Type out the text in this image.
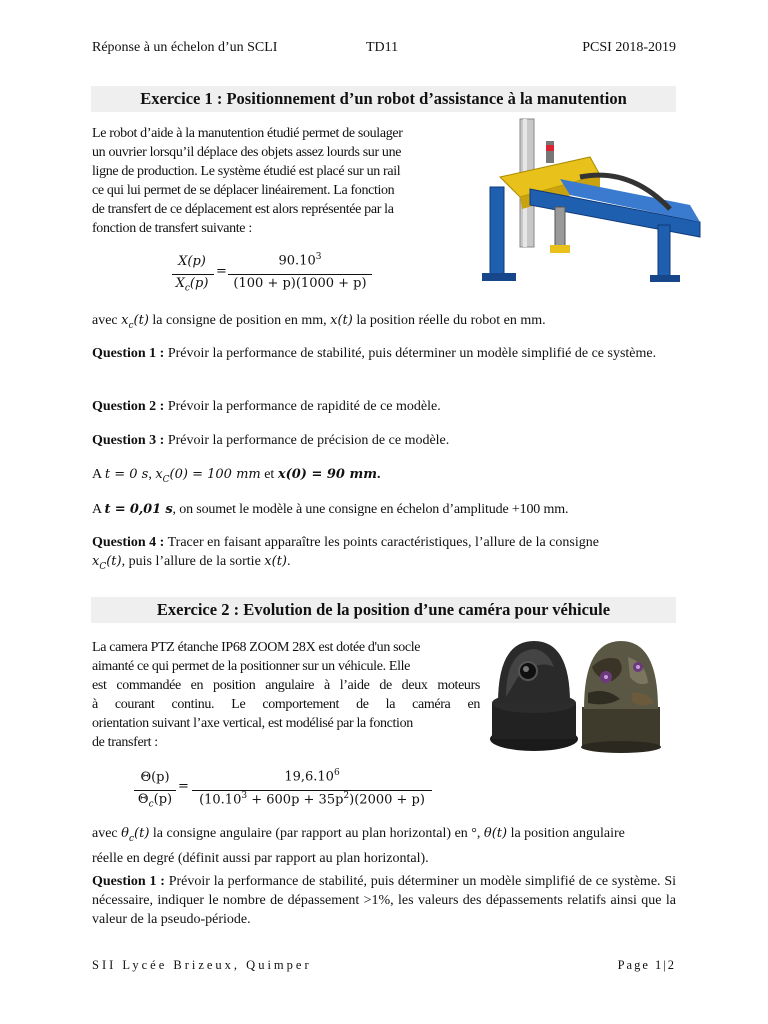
Réponse à un échelon d’un SCLI	TD11	PCSI 2018-2019
Exercice 1 : Positionnement d’un robot d’assistance à la manutention
Le robot d’aide à la manutention étudié permet de soulager
un ouvrier lorsqu’il déplace des objets assez lourds sur une
ligne de production. Le système étudié est placé sur un rail
ce qui lui permet de se déplacer linéairement. La fonction
de transfert de ce déplacement est alors représentée par la
fonction de transfert suivante :
X(p)
$X_c(p)$
=
$90.10^3$
(100 + p)(1000 + p)
avec $x_c(t)$ la consigne de position en mm, x(t) la position réelle du robot en mm.
Question 1 : Prévoir la performance de stabilité, puis déterminer un modèle simplifié de ce système.
Question 2 : Prévoir la performance de rapidité de ce modèle.
Question 3 : Prévoir la performance de précision de ce modèle.
A t = 0 s, $x_C(0) = 100$ mm et x(0) = 90 mm.
A t = 0,01 s, on soumet le modèle à une consigne en échelon d’amplitude +100 mm.
Question 4 : Tracer en faisant apparaître les points caractéristiques, l’allure de la consigne
$x_C(t)$, puis l’allure de la sortie x(t).
Exercice 2 : Evolution de la position d’une caméra pour véhicule
La camera PTZ étanche IP68 ZOOM 28X est dotée d'un socle
aimanté ce qui permet de la positionner sur un véhicule. Elle
est commandée en position angulaire à l’aide de deux moteurs
à courant continu. Le comportement de la caméra en
orientation suivant l’axe vertical, est modélisé par la fonction
de transfert :
Θ(p)
$\Theta_c(p)$
=
$19,6.10^6$
$(10.10^3 + 600p + 35p^2)(2000 + p)$
avec $\theta_c(t)$ la consigne angulaire (par rapport au plan horizontal) en °, θ(t) la position angulaire
réelle en degré (définit aussi par rapport au plan horizontal).
Question 1 : Prévoir la performance de stabilité, puis déterminer un modèle simplifié de ce système. Si nécessaire, indiquer le nombre de dépassement >1%, les valeurs des dépassements relatifs ainsi que la valeur de la pseudo-période.
SII Lycée Brizeux, Quimper	Page 1|2
